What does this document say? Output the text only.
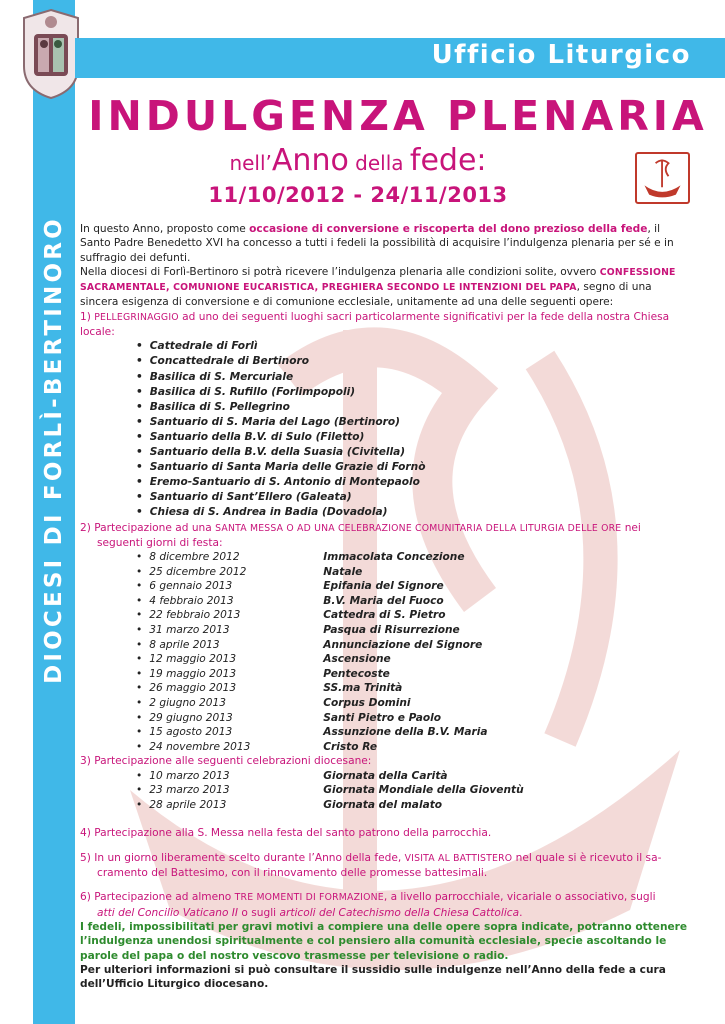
DIOCESI DI FORLÌ-BERTINORO
Ufficio Liturgico
INDULGENZA PLENARIA
nell’Anno della fede:
11/10/2012 - 24/11/2013

In questo Anno, proposto come occasione di conversione e riscoperta del dono prezioso della fede, il Santo Padre Benedetto XVI ha concesso a tutti i fedeli la possibilità di acquisire l’indulgenza plenaria per sé e in suffragio dei defunti.

Nella diocesi di Forlì-Bertinoro si potrà ricevere l’indulgenza plenaria alle condizioni solite, ovvero CONFESSIONE SACRAMENTALE, COMUNIONE EUCARISTICA, PREGHIERA SECONDO LE INTENZIONI DEL PAPA, segno di una sincera esigenza di conversione e di comunione ecclesiale, unitamente ad una delle seguenti opere:

1) PELLEGRINAGGIO ad uno dei seguenti luoghi sacri particolarmente significativi per la fede della nostra Chiesa locale:

• Cattedrale di Forlì
• Concattedrale di Bertinoro
• Basilica di S. Mercuriale
• Basilica di S. Rufillo (Forlimpopoli)
• Basilica di S. Pellegrino
• Santuario di S. Maria del Lago (Bertinoro)
• Santuario della B.V. di Sulo (Filetto)
• Santuario della B.V. della Suasia (Civitella)
• Santuario di Santa Maria delle Grazie di Fornò
• Eremo-Santuario di S. Antonio di Montepaolo
• Santuario di Sant’Ellero (Galeata)
• Chiesa di S. Andrea in Badia (Dovadola)

2) Partecipazione ad una SANTA MESSA O AD UNA CELEBRAZIONE COMUNITARIA DELLA LITURGIA DELLE ORE nei
seguenti giorni di festa:

• 8 dicembre 2012	Immacolata Concezione
• 25 dicembre 2012	Natale
• 6 gennaio 2013	Epifania del Signore
• 4 febbraio 2013	B.V. Maria del Fuoco
• 22 febbraio 2013	Cattedra di S. Pietro
• 31 marzo 2013	Pasqua di Risurrezione
• 8 aprile 2013	Annunciazione del Signore
• 12 maggio 2013	Ascensione
• 19 maggio 2013	Pentecoste
• 26 maggio 2013	SS.ma Trinità
• 2 giugno 2013	Corpus Domini
• 29 giugno 2013	Santi Pietro e Paolo
• 15 agosto 2013	Assunzione della B.V. Maria
• 24 novembre 2013	Cristo Re

3) Partecipazione alle seguenti celebrazioni diocesane:

• 10 marzo 2013	Giornata della Carità
• 23 marzo 2013	Giornata Mondiale della Gioventù
• 28 aprile 2013	Giornata del malato

4) Partecipazione alla S. Messa nella festa del santo patrono della parrocchia.

5) In un giorno liberamente scelto durante l’Anno della fede, VISITA AL BATTISTERO nel quale si è ricevuto il sa-
cramento del Battesimo, con il rinnovamento delle promesse battesimali.

6) Partecipazione ad almeno TRE MOMENTI DI FORMAZIONE, a livello parrocchiale, vicariale o associativo, sugli
atti del Concilio Vaticano II o sugli articoli del Catechismo della Chiesa Cattolica.

I fedeli, impossibilitati per gravi motivi a compiere una delle opere sopra indicate, potranno ottenere l’indulgenza unendosi spiritualmente e col pensiero alla comunità ecclesiale, specie ascoltando le parole del papa o del nostro vescovo trasmesse per televisione o radio.

Per ulteriori informazioni si può consultare il sussidio sulle indulgenze nell’Anno della fede a cura dell’Ufficio Liturgico diocesano.
